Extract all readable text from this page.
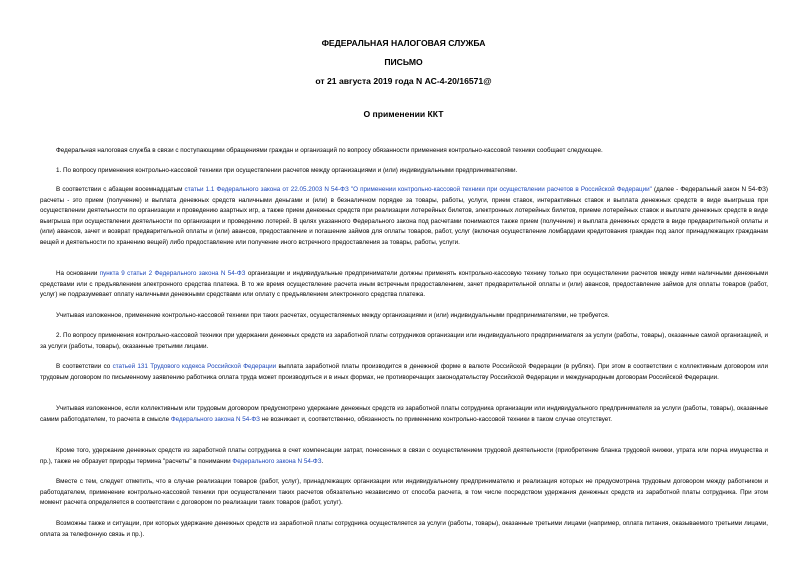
ФЕДЕРАЛЬНАЯ НАЛОГОВАЯ СЛУЖБА
ПИСЬМО
от 21 августа 2019 года N АС-4-20/16571@
О применении ККТ

Федеральная налоговая служба в связи с поступающими обращениями граждан и организаций по вопросу обязанности применения контрольно-кассовой техники сообщает следующее.

1. По вопросу применения контрольно-кассовой техники при осуществлении расчетов между организациями и (или) индивидуальными предпринимателями.

В соответствии с абзацем восемнадцатым статьи 1.1 Федерального закона от 22.05.2003 N 54-ФЗ "О применении контрольно-кассовой техники при осуществлении расчетов в Российской Федерации" (далее - Федеральный закон N 54-ФЗ) расчеты - это прием (получение) и выплата денежных средств наличными деньгами и (или) в безналичном порядке за товары, работы, услуги, прием ставок, интерактивных ставок и выплата денежных средств в виде выигрыша при осуществлении деятельности по организации и проведению азартных игр, а также прием денежных средств при реализации лотерейных билетов, электронных лотерейных билетов, приеме лотерейных ставок и выплате денежных средств в виде выигрыша при осуществлении деятельности по организации и проведению лотерей. В целях указанного Федерального закона под расчетами понимаются также прием (получение) и выплата денежных средств в виде предварительной оплаты и (или) авансов, зачет и возврат предварительной оплаты и (или) авансов, предоставление и погашение займов для оплаты товаров, работ, услуг (включая осуществление ломбардами кредитования граждан под залог принадлежащих гражданам вещей и деятельности по хранению вещей) либо предоставление или получение иного встречного предоставления за товары, работы, услуги.

На основании пункта 9 статьи 2 Федерального закона N 54-ФЗ организации и индивидуальные предприниматели должны применять контрольно-кассовую технику только при осуществлении расчетов между ними наличными денежными средствами или с предъявлением электронного средства платежа. В то же время осуществление расчета иным встречным предоставлением, зачет предварительной оплаты и (или) авансов, предоставление займов для оплаты товаров (работ, услуг) не подразумевает оплату наличными денежными средствами или оплату с предъявлением электронного средства платежа.

Учитывая изложенное, применение контрольно-кассовой техники при таких расчетах, осуществляемых между организациями и (или) индивидуальными предпринимателями, не требуется.

2. По вопросу применения контрольно-кассовой техники при удержании денежных средств из заработной платы сотрудников организации или индивидуального предпринимателя за услуги (работы, товары), оказанные самой организацией, и за услуги (работы, товары), оказанные третьими лицами.

В соответствии со статьей 131 Трудового кодекса Российской Федерации выплата заработной платы производится в денежной форме в валюте Российской Федерации (в рублях). При этом в соответствии с коллективным договором или трудовым договором по письменному заявлению работника оплата труда может производиться и в иных формах, не противоречащих законодательству Российской Федерации и международным договорам Российской Федерации.

Учитывая изложенное, если коллективным или трудовым договором предусмотрено удержание денежных средств из заработной платы сотрудника организации или индивидуального предпринимателя за услуги (работы, товары), оказанные самим работодателем, то расчета в смысле Федерального закона N 54-ФЗ не возникает и, соответственно, обязанность по применению контрольно-кассовой техники в таком случае отсутствует.

Кроме того, удержание денежных средств из заработной платы сотрудника в счет компенсации затрат, понесенных в связи с осуществлением трудовой деятельности (приобретение бланка трудовой книжки, утрата или порча имущества и пр.), также не образует природы термина "расчеты" в понимании Федерального закона N 54-ФЗ.

Вместе с тем, следует отметить, что в случае реализации товаров (работ, услуг), принадлежащих организации или индивидуальному предпринимателю и реализация которых не предусмотрена трудовым договором между работником и работодателем, применение контрольно-кассовой техники при осуществлении таких расчетов обязательно независимо от способа расчета, в том числе посредством удержания денежных средств из заработной платы сотрудника. При этом момент расчета определяется в соответствии с договором по реализации таких товаров (работ, услуг).

Возможны также и ситуации, при которых удержание денежных средств из заработной платы сотрудника осуществляется за услуги (работы, товары), оказанные третьими лицами (например, оплата питания, оказываемого третьими лицами, оплата за телефонную связь и пр.).
